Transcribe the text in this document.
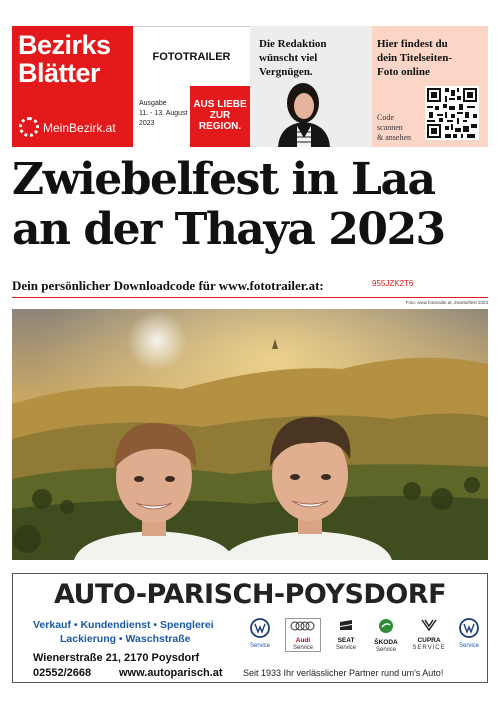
Bezirks
Blätter
MeinBezirk.at
FOTOTRAILER
Ausgabe
11. - 13. August
2023
AUS LIEBE
ZUR
REGION.
Die Redaktion
wünscht viel
Vergnügen.
Hier findest du
dein Titelseiten-
Foto online
Code
scannen
& ansehen
Zwiebelfest in Laa
an der Thaya 2023
Dein persönlicher Downloadcode für www.fototrailer.at:	955JZK2T6
Foto: www.fototrailer.at, Zwiebelfest 2023
AUTO-PARISCH-POYSDORF
Verkauf • Kundendienst • Spenglerei
Lackierung • Waschstraße
Wienerstraße 21, 2170 Poysdorf
02552/2668	www.autoparisch.at
Service
Audi
Service
SEAT
Service
ŠKODA
Service
CUPRA
SERVICE	Service
Seit 1933 Ihr verlässlicher Partner rund um's Auto!
